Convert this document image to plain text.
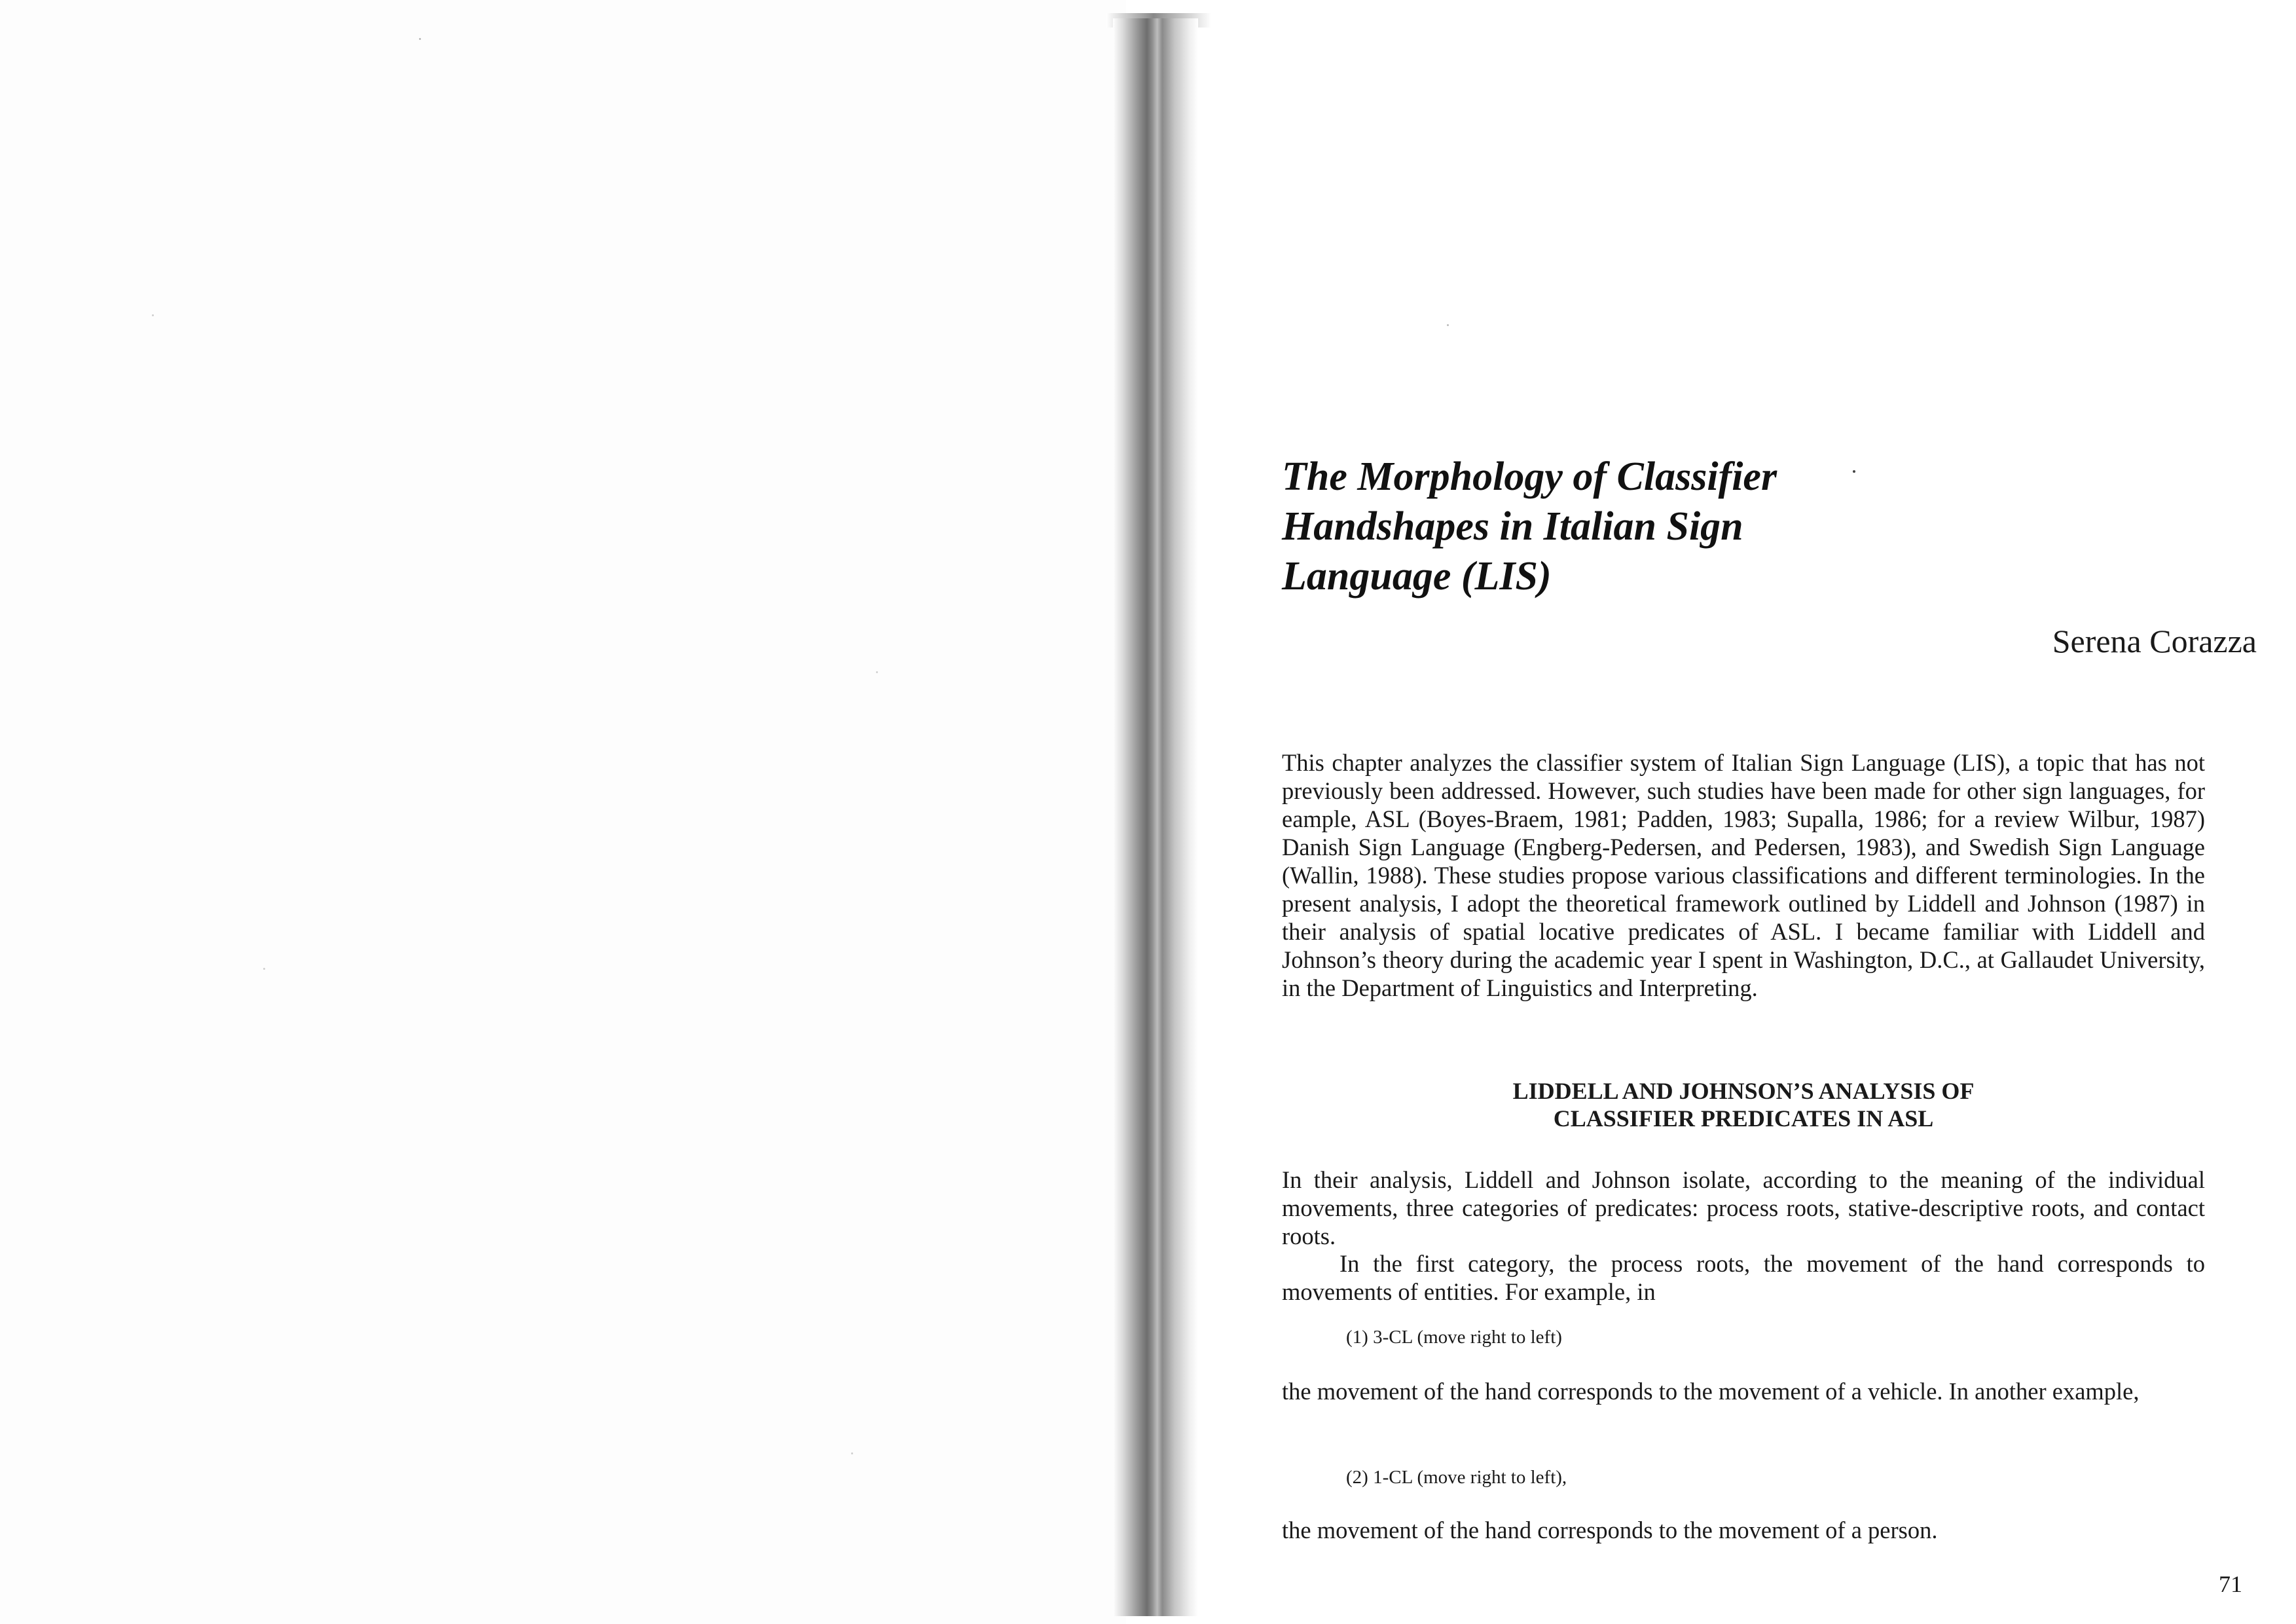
The Morphology of Classifier
Handshapes in Italian Sign
Language (LIS)
Serena Corazza

This chapter analyzes the classifier system of Italian Sign Language (LIS), a topic that has not previously been addressed. However, such studies have been made for other sign languages, for eample, ASL (Boyes-Braem, 1981; Padden, 1983; Supalla, 1986; for a review Wilbur, 1987) Danish Sign Language (Engberg-Pedersen, and Pedersen, 1983), and Swedish Sign Language (Wallin, 1988). These studies propose various classifications and different terminologies. In the present analysis, I adopt the theoretical framework outlined by Liddell and Johnson (1987) in their analysis of spatial locative predicates of ASL. I became familiar with Liddell and Johnson’s theory during the academic year I spent in Washington, D.C., at Gallaudet University, in the Department of Linguistics and Interpreting.

LIDDELL AND JOHNSON’S ANALYSIS OF
CLASSIFIER PREDICATES IN ASL

In their analysis, Liddell and Johnson isolate, according to the meaning of the individual movements, three categories of predicates: process roots, stative-descriptive roots, and contact roots.

In the first category, the process roots, the movement of the hand corresponds to movements of entities. For example, in

(1) 3-CL (move right to left)

the movement of the hand corresponds to the movement of a vehicle. In another example,

(2) 1-CL (move right to left),

the movement of the hand corresponds to the movement of a person.

71
